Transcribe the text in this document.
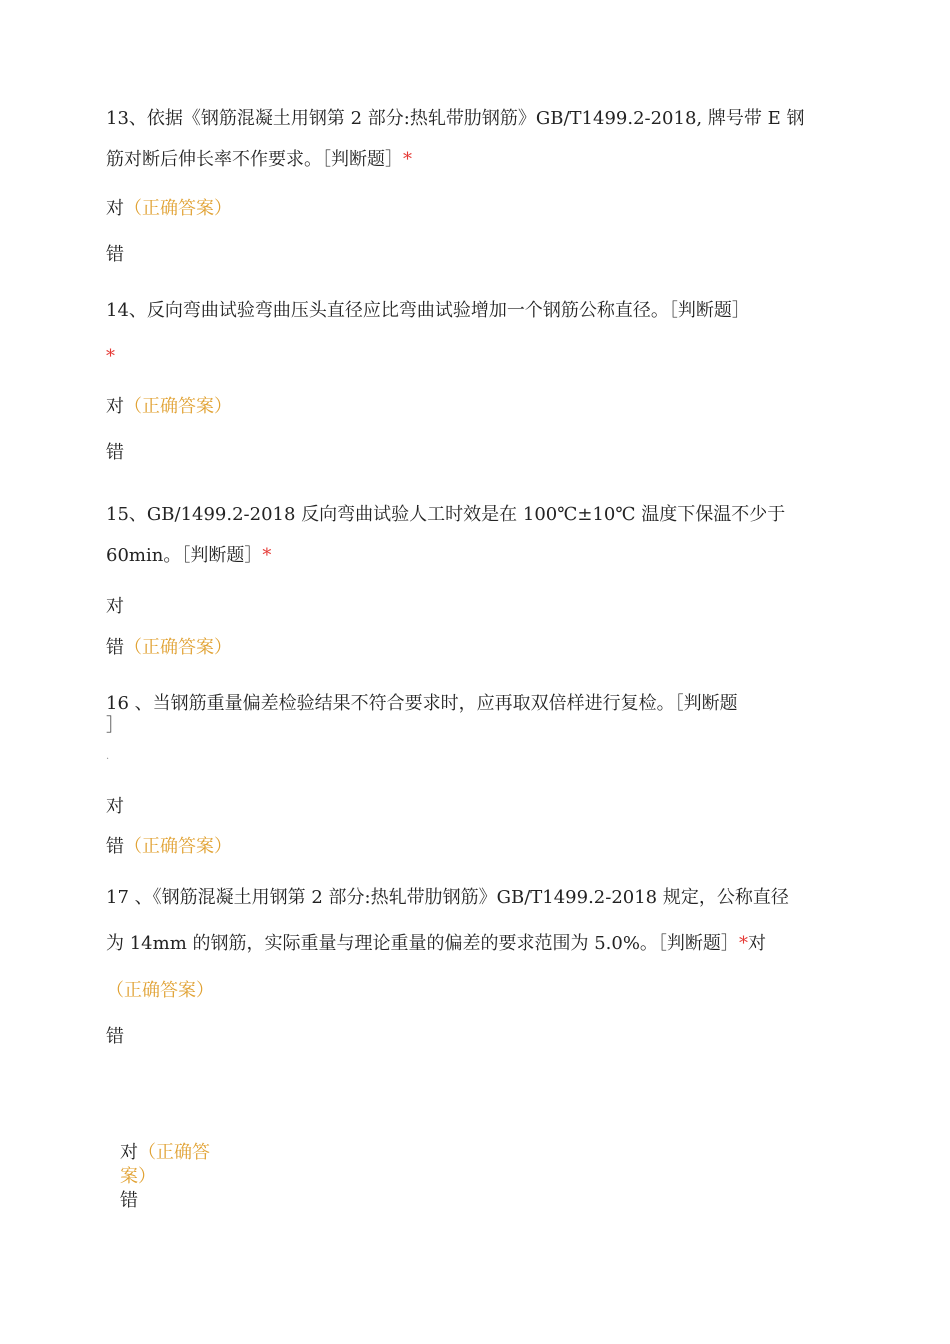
13、依据《钢筋混凝土用钢第 2 部分:热轧带肋钢筋》GB/T1499.2-2018, 牌号带 E 钢
筋对断后伸长率不作要求。［判断题］*
对（正确答案）
错
14、反向弯曲试验弯曲压头直径应比弯曲试验增加一个钢筋公称直径。［判断题］
*
对（正确答案）
错
15、GB/1499.2-2018 反向弯曲试验人工时效是在 100℃±10℃ 温度下保温不少于
60min。［判断题］*
对
错（正确答案）
16 、当钢筋重量偏差检验结果不符合要求时，应再取双倍样进行复检。［判断题
］
·
对
错（正确答案）
17 、《钢筋混凝土用钢第 2 部分:热轧带肋钢筋》GB/T1499.2-2018 规定，公称直径
为 14mm 的钢筋，实际重量与理论重量的偏差的要求范围为 5.0%。［判断题］*对
（正确答案）
错
对（正确答
案）
错
